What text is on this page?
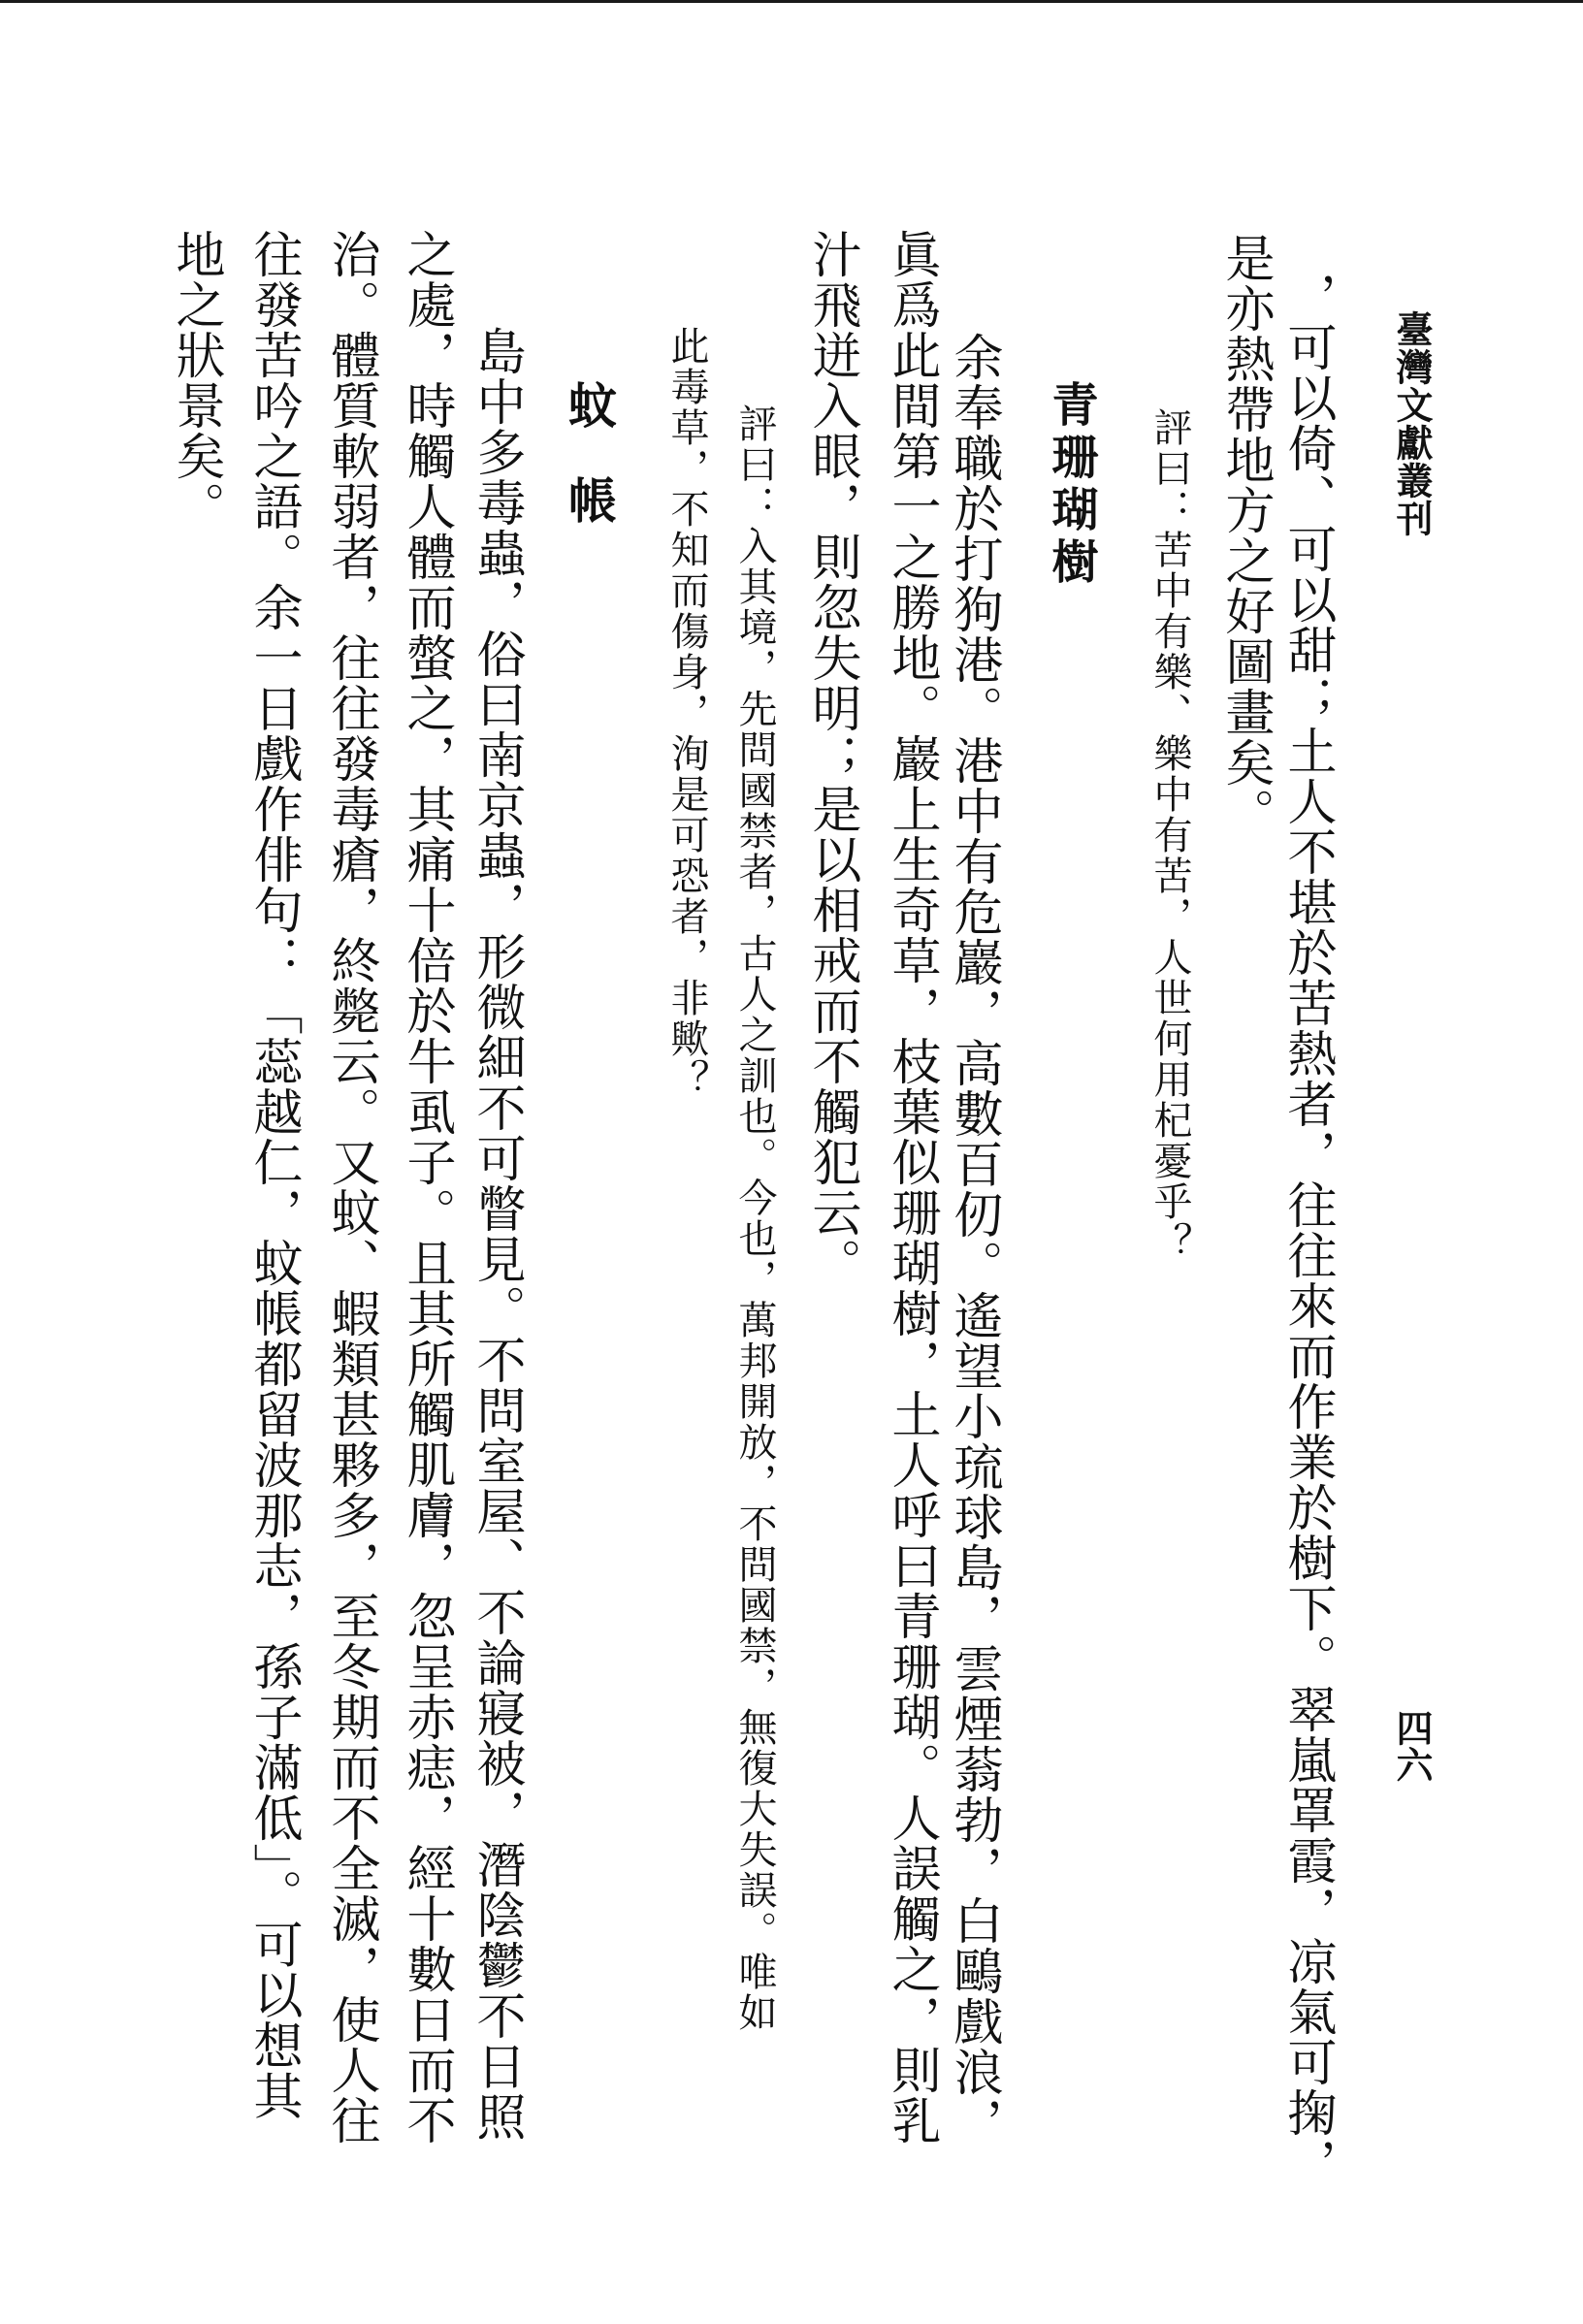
臺灣文獻叢刊
四六
，可以倚、可以甜；土人不堪於苦熱者，往往來而作業於樹下。翠嵐罩霞，凉氣可掬，
是亦熱帶地方之好圖畫矣。
評曰：苦中有樂、樂中有苦，人世何用杞憂乎？
青珊瑚樹
余奉職於打狗港。港中有危巖，高數百仞。遙望小琉球島，雲煙蓊勃，白鷗戲浪，
眞爲此間第一之勝地。巖上生奇草，枝葉似珊瑚樹，土人呼曰青珊瑚。人誤觸之，則乳
汁飛迸入眼，則忽失明；是以相戒而不觸犯云。
評曰：入其境，先問國禁者，古人之訓也。今也，萬邦開放，不問國禁，無復大失誤。唯如
此毒草，不知而傷身，洵是可恐者，非歟？
蚊帳
島中多毒蟲，俗曰南京蟲，形微細不可瞥見。不問室屋、不論寢被，潛陰鬱不日照
之處，時觸人體而螫之，其痛十倍於牛虱子。且其所觸肌膚，忽呈赤痣，經十數日而不
治。體質軟弱者，往往發毒瘡，終斃云。又蚊、蝦類甚夥多，至冬期而不全滅，使人往
往發苦吟之語。余一日戲作俳句：「蕊越仁，蚊帳都留波那志，孫子滿低」。可以想其
地之狀景矣。
